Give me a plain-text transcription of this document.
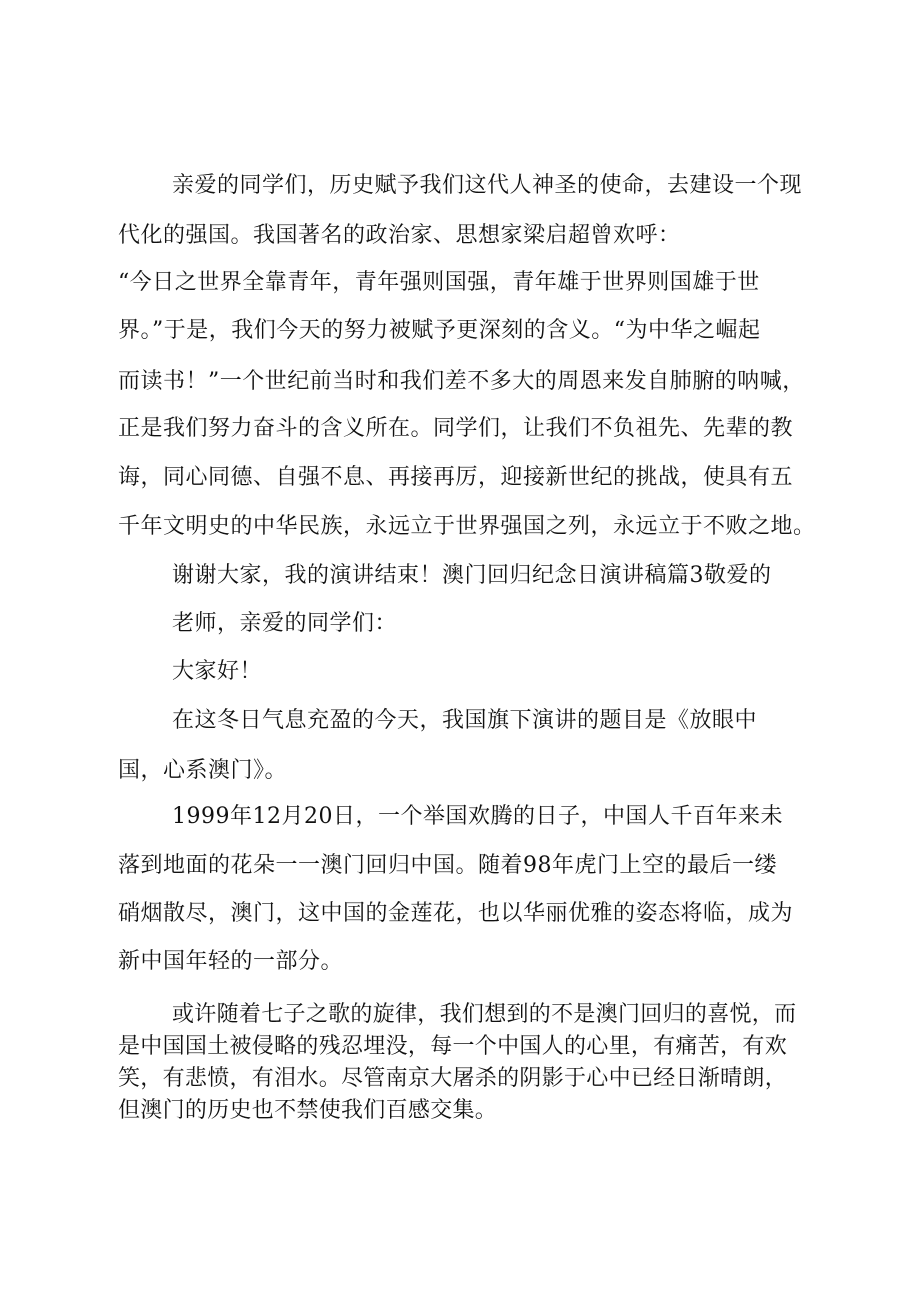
亲爱的同学们，历史赋予我们这代人神圣的使命，去建设一个现

代化的强国。我国著名的政治家、思想家梁启超曾欢呼：

“今日之世界全靠青年，青年强则国强，青年雄于世界则国雄于世

界。”于是，我们今天的努力被赋予更深刻的含义。“为中华之崛起

而读书！”一个世纪前当时和我们差不多大的周恩来发自肺腑的呐喊，

正是我们努力奋斗的含义所在。同学们，让我们不负祖先、先辈的教

诲，同心同德、自强不息、再接再厉，迎接新世纪的挑战，使具有五

千年文明史的中华民族，永远立于世界强国之列，永远立于不败之地。

谢谢大家，我的演讲结束！澳门回归纪念日演讲稿篇3敬爱的

老师，亲爱的同学们：

大家好！

在这冬日气息充盈的今天，我国旗下演讲的题目是《放眼中

国，心系澳门》。

1999年12月20日，一个举国欢腾的日子，中国人千百年来未

落到地面的花朵一一澳门回归中国。随着98年虎门上空的最后一缕

硝烟散尽，澳门，这中国的金莲花，也以华丽优雅的姿态将临，成为

新中国年轻的一部分。

或许随着七子之歌的旋律，我们想到的不是澳门回归的喜悦，而

是中国国土被侵略的残忍埋没，每一个中国人的心里，有痛苦，有欢

笑，有悲愤，有泪水。尽管南京大屠杀的阴影于心中已经日渐晴朗，

但澳门的历史也不禁使我们百感交集。
